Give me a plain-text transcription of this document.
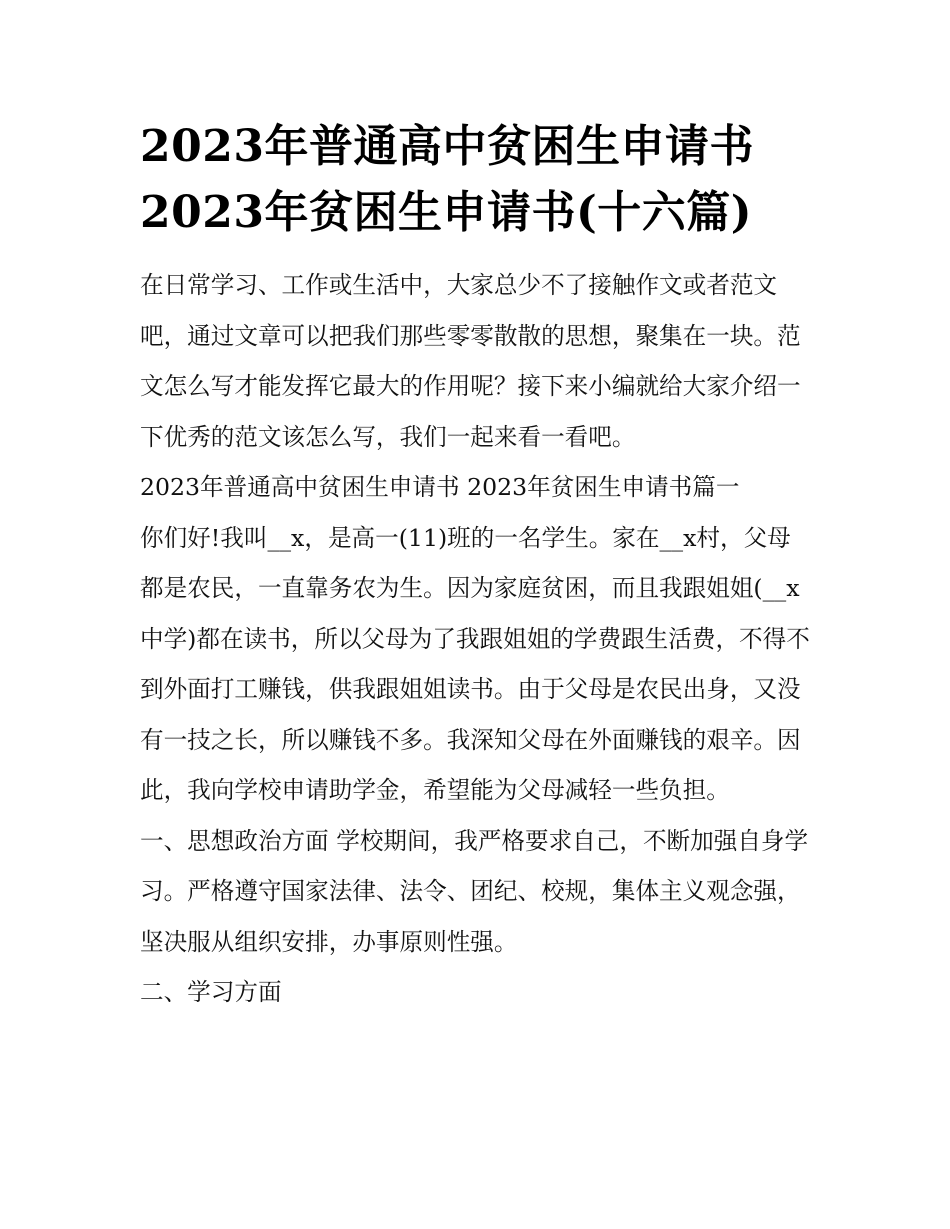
2023年普通高中贫困生申请书
2023年贫困生申请书(十六篇)

在日常学习、工作或生活中，大家总少不了接触作文或者范文吧，通过文章可以把我们那些零零散散的思想，聚集在一块。范文怎么写才能发挥它最大的作用呢？接下来小编就给大家介绍一下优秀的范文该怎么写，我们一起来看一看吧。

2023年普通高中贫困生申请书 2023年贫困生申请书篇一

你们好!我叫__x，是高一(11)班的一名学生。家在__x村，父母都是农民，一直靠务农为生。因为家庭贫困，而且我跟姐姐(__x中学)都在读书，所以父母为了我跟姐姐的学费跟生活费，不得不到外面打工赚钱，供我跟姐姐读书。由于父母是农民出身，又没有一技之长，所以赚钱不多。我深知父母在外面赚钱的艰辛。因此，我向学校申请助学金，希望能为父母减轻一些负担。

一、思想政治方面 学校期间，我严格要求自己，不断加强自身学习。严格遵守国家法律、法令、团纪、校规，集体主义观念强，坚决服从组织安排，办事原则性强。

二、学习方面
